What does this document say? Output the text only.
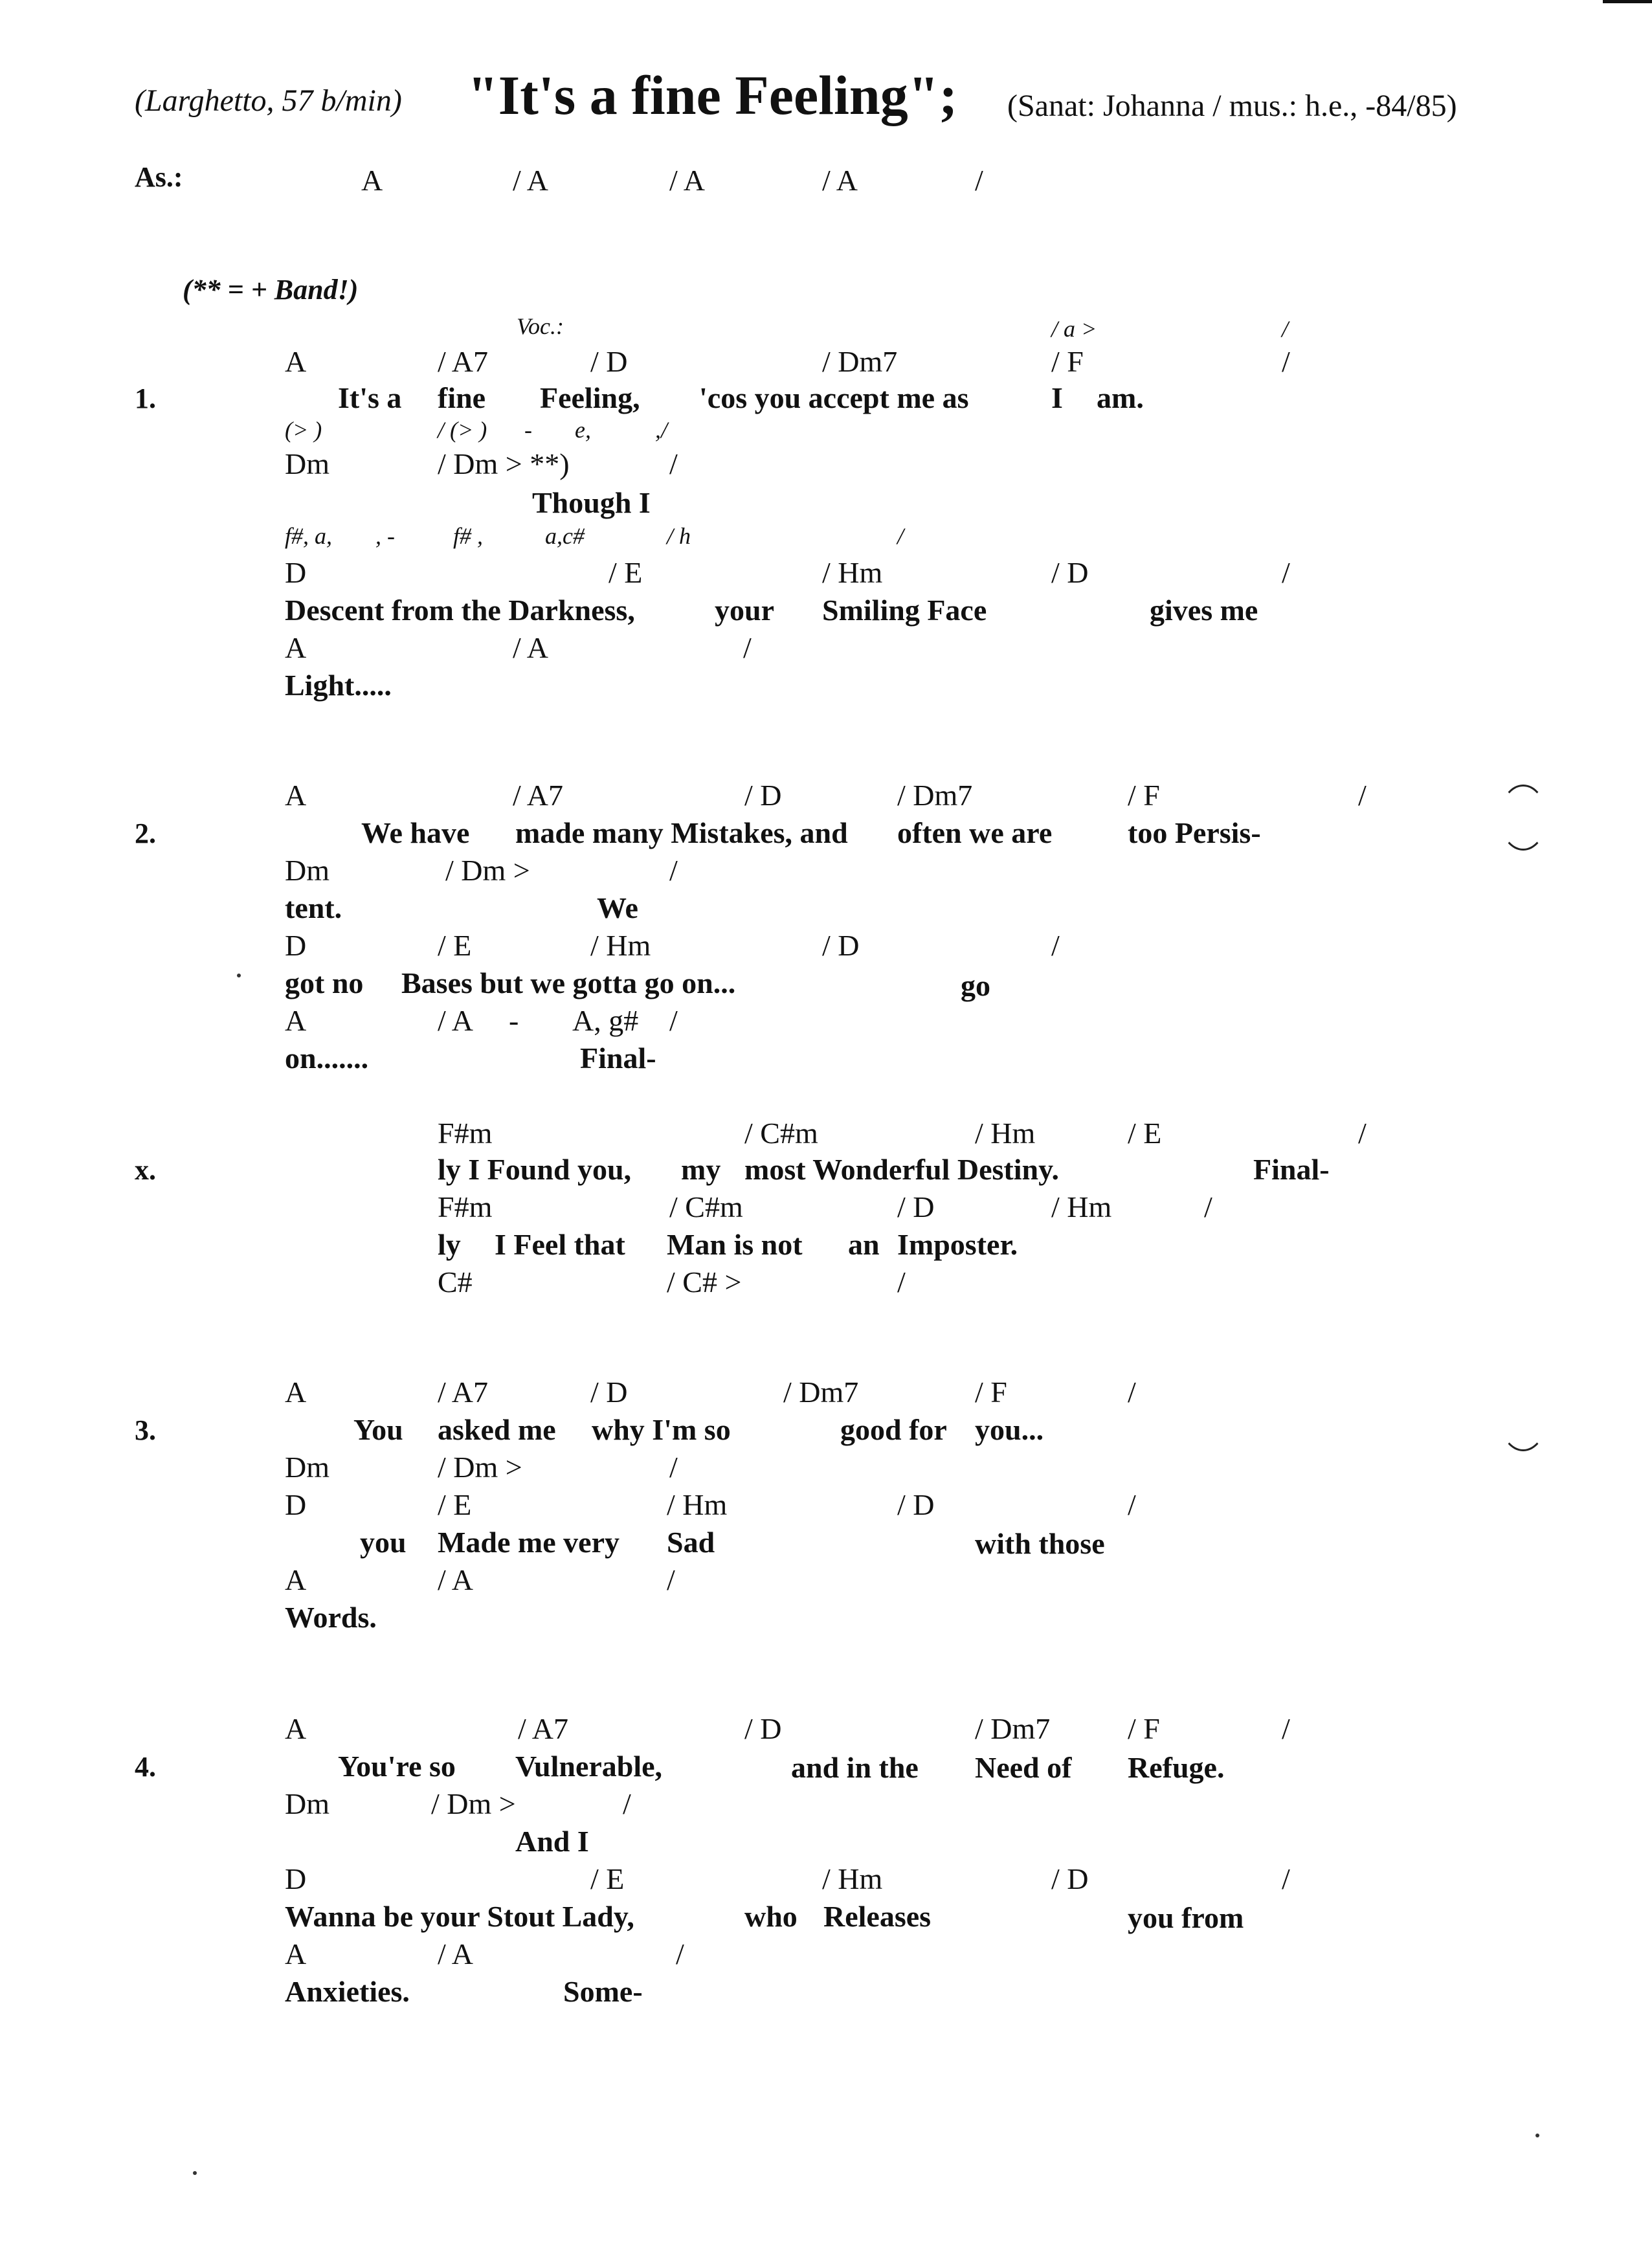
(Larghetto, 57 b/min) "It's a fine Feeling"; (Sanat: Johanna / mus.: h.e., -84/85)
As.:	A	/ A	/ A	/ A	/
(** = + Band!)
Voc.:	/ a >	/
A	/ A7	/ D	/ Dm7	/ F	/
1.	It's a fine Feeling, 'cos you accept me as	I am.
(> )	/ (> ) - e,	,/
Dm	/ Dm > **)	/
Though I
f#, a, , -	f# ,	a,c#	/ h	/
D	/ E	/ Hm	/ D	/
Descent from the Darkness,	your Smiling Face	gives me
A	/ A	/
Light.....
A	/ A7	/ D	/ Dm7	/ F	/
2.	We have made many Mistakes, and often we are	too Persis-
Dm	/ Dm >	/
tent.	We
D	/ E	/ Hm	/ D	/
got no Bases but we gotta go on...	go
A	/ A - A, g# /
on.......	Final-
F#m	/ C#m	/ Hm	/ E	/
x.	ly I Found you, my most Wonderful Destiny.	Final-
F#m	/ C#m	/ D	/ Hm	/
ly I Feel that Man is not an Imposter.
C#	/ C# >	/
A	/ A7	/ D	/ Dm7	/ F	/
3.	You asked me why I'm so	good for you...
Dm	/ Dm >	/
D	/ E	/ Hm	/ D	/
you Made me very Sad	with those
A	/ A	/
Words.
A	/ A7	/ D	/ Dm7	/ F	/
4.	You're so Vulnerable,	and in the Need of Refuge.
Dm	/ Dm >	/
And I
D	/ E	/ Hm	/ D	/
Wanna be your Stout Lady,	who Releases	you from
A	/ A	/
Anxieties.	Some-
